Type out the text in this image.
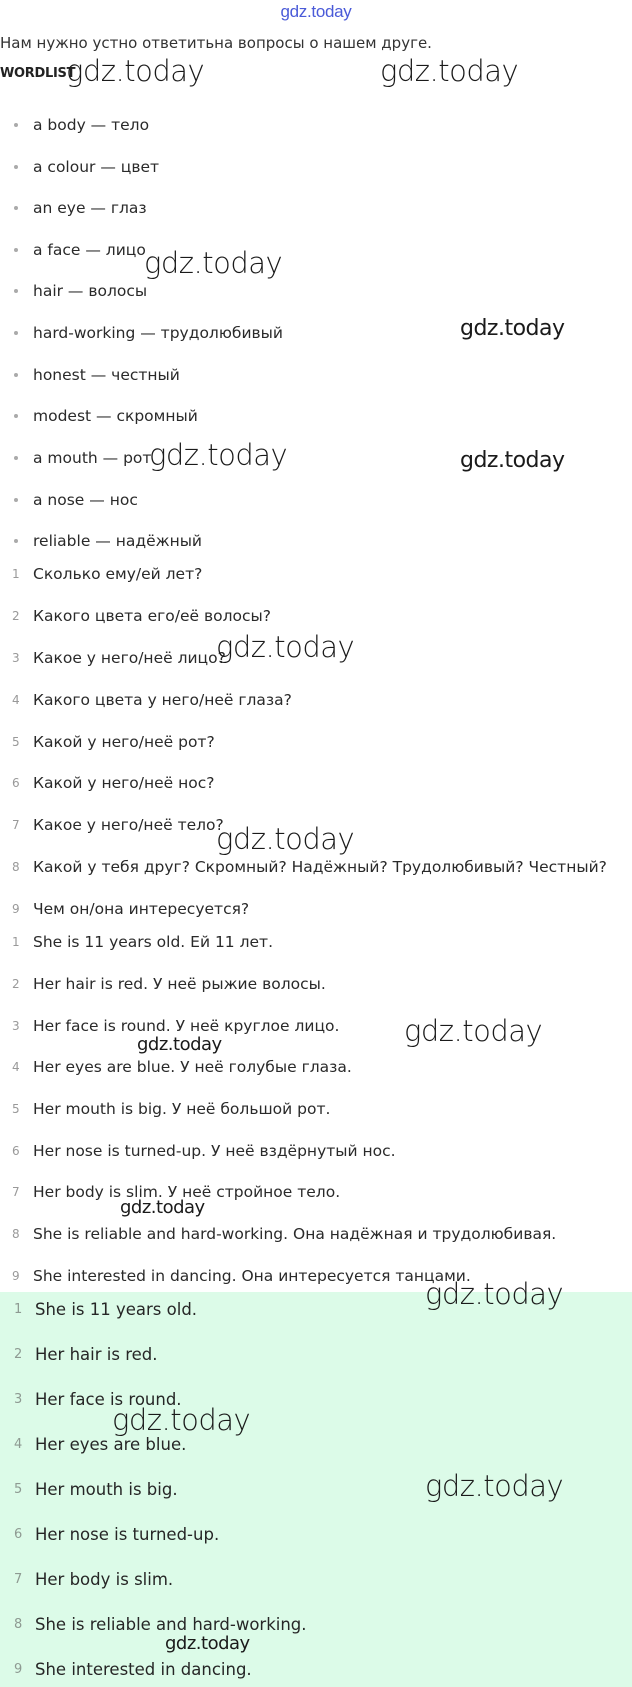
gdz.today
Нам нужно устно ответитьна вопросы о нашем друге.
WORDLIST
a body — тело
a colour — цвет
an eye — глаз
a face — лицо
hair — волосы
hard-working — трудолюбивый
honest — честный
modest — скромный
a mouth — рот
a nose — нос
reliable — надёжный
1 Сколько ему/ей лет?
2 Какого цвета его/её волосы?
3 Какое у него/неё лицо?
4 Какого цвета у него/неё глаза?
5 Какой у него/неё рот?
6 Какой у него/неё нос?
7 Какое у него/неё тело?
8 Какой у тебя друг? Скромный? Надёжный? Трудолюбивый? Честный?
9 Чем он/она интересуется?
1 She is 11 years old. Ей 11 лет.
2 Her hair is red. У неё рыжие волосы.
3 Her face is round. У неё круглое лицо.
4 Her eyes are blue. У неё голубые глаза.
5 Her mouth is big. У неё большой рот.
6 Her nose is turned-up. У неё вздёрнутый нос.
7 Her body is slim. У неё стройное тело.
8 She is reliable and hard-working. Она надёжная и трудолюбивая.
9 She interested in dancing. Она интересуется танцами.
1 She is 11 years old.
2 Her hair is red.
3 Her face is round.
4 Her eyes are blue.
5 Her mouth is big.
6 Her nose is turned-up.
7 Her body is slim.
8 She is reliable and hard-working.
9 She interested in dancing.
gdz.today	gdz.today
gdz.today
gdz.today
gdz.today	gdz.today
gdz.today
gdz.today
gdz.today
gdz.today
gdz.today
gdz.today
gdz.today
gdz.today
gdz.today
